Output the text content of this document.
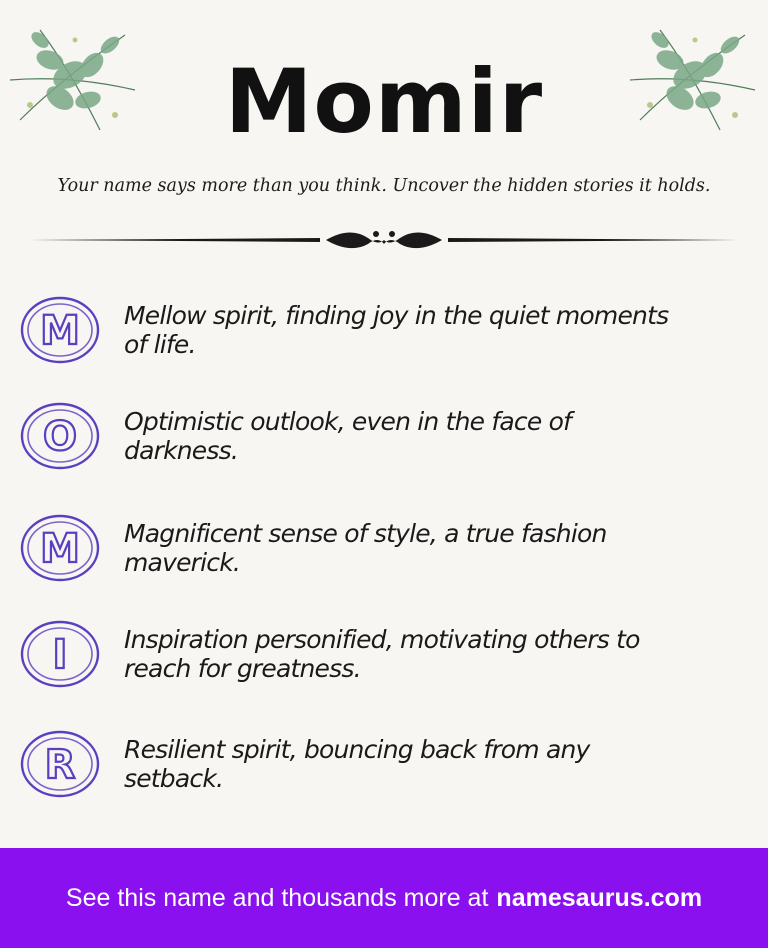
Momir

Your name says more than you think. Uncover the hidden stories it holds.

M Mellow spirit, finding joy in the quiet moments of life.
O Optimistic outlook, even in the face of darkness.
M Magnificent sense of style, a true fashion maverick.
I Inspiration personified, motivating others to reach for greatness.
R Resilient spirit, bouncing back from any setback.
See this name and thousands more at namesaurus.com
